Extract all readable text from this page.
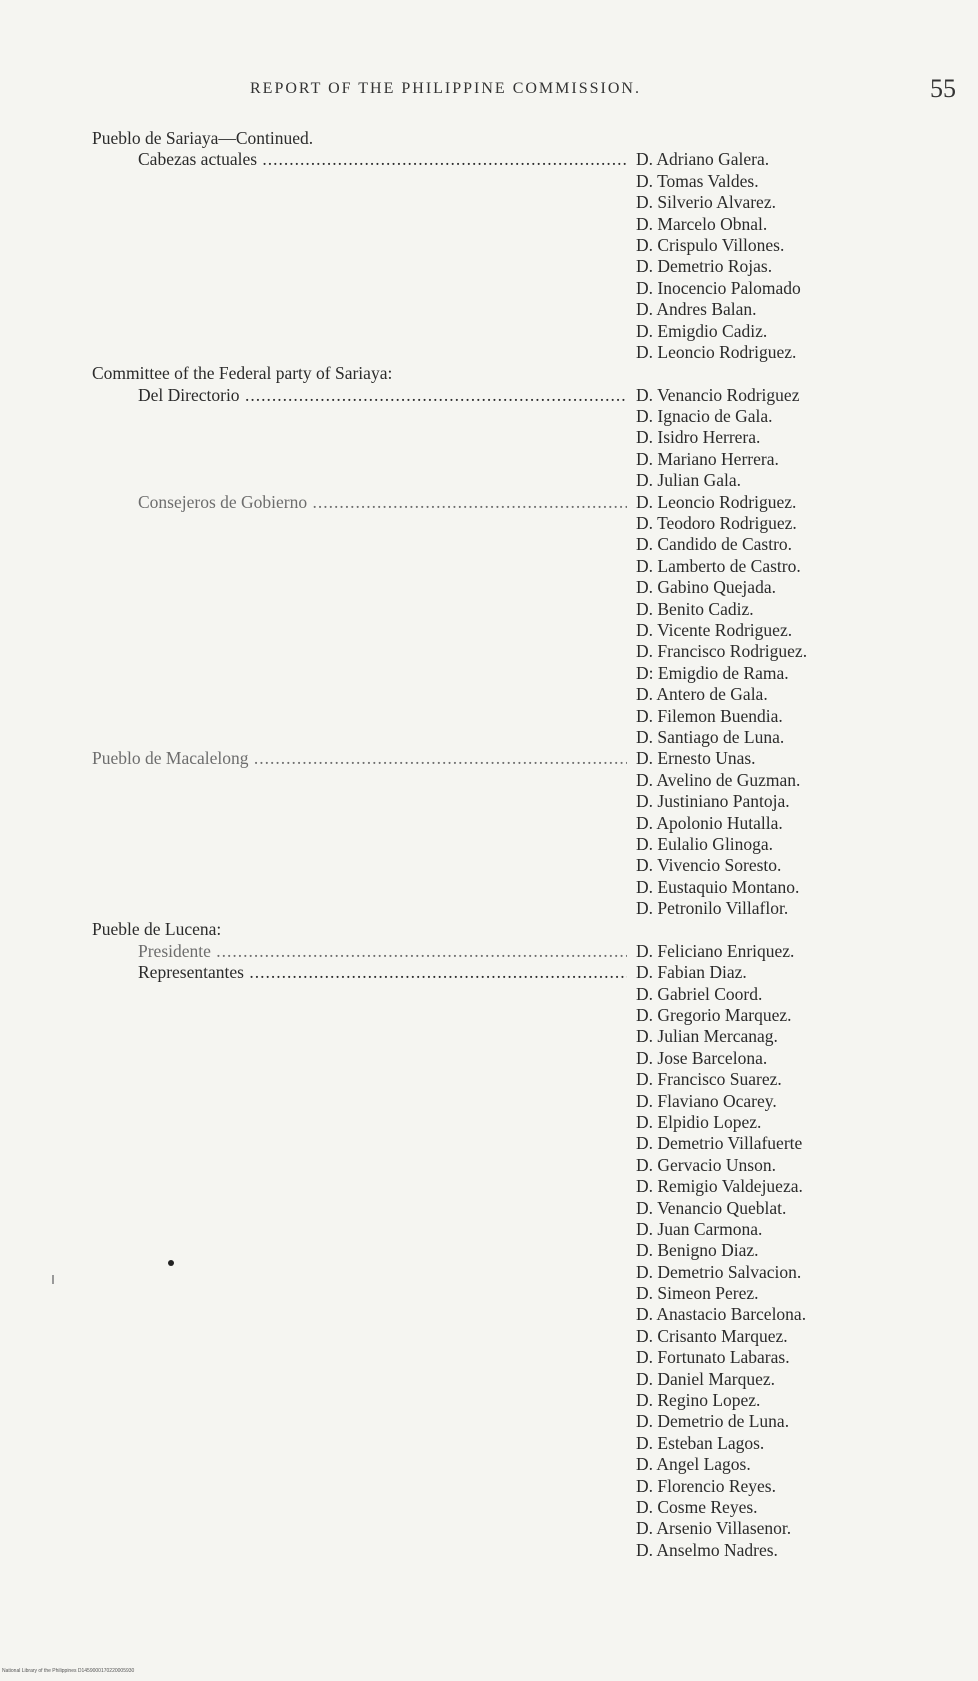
REPORT OF THE PHILIPPINE COMMISSION.	55
Pueblo de Sariaya—Continued.
Cabezas actuales .....	D. Adriano Galera.
D. Tomas Valdes.
D. Silverio Alvarez.
D. Marcelo Obnal.
D. Crispulo Villones.
D. Demetrio Rojas.
D. Inocencio Palomado
D. Andres Balan.
D. Emigdio Cadiz.
D. Leoncio Rodriguez.
Committee of the Federal party of Sariaya:
Del Directorio .....	D. Venancio Rodriguez
D. Ignacio de Gala.
D. Isidro Herrera.
D. Mariano Herrera.
D. Julian Gala.
Consejeros de Gobierno .....	D. Leoncio Rodriguez.
D. Teodoro Rodriguez.
D. Candido de Castro.
D. Lamberto de Castro.
D. Gabino Quejada.
D. Benito Cadiz.
D. Vicente Rodriguez.
D. Francisco Rodriguez.
D: Emigdio de Rama.
D. Antero de Gala.
D. Filemon Buendia.
D. Santiago de Luna.
Pueblo de Macalelong .....	D. Ernesto Unas.
D. Avelino de Guzman.
D. Justiniano Pantoja.
D. Apolonio Hutalla.
D. Eulalio Glinoga.
D. Vivencio Soresto.
D. Eustaquio Montano.
D. Petronilo Villaflor.
Pueble de Lucena:
Presidente .....	D. Feliciano Enriquez.
Representantes .....	D. Fabian Diaz.
D. Gabriel Coord.
D. Gregorio Marquez.
D. Julian Mercanag.
D. Jose Barcelona.
D. Francisco Suarez.
D. Flaviano Ocarey.
D. Elpidio Lopez.
D. Demetrio Villafuerte
D. Gervacio Unson.
D. Remigio Valdejueza.
D. Venancio Queblat.
D. Juan Carmona.
D. Benigno Diaz.
D. Demetrio Salvacion.
D. Simeon Perez.
D. Anastacio Barcelona.
D. Crisanto Marquez.
D. Fortunato Labaras.
D. Daniel Marquez.
D. Regino Lopez.
D. Demetrio de Luna.
D. Esteban Lagos.
D. Angel Lagos.
D. Florencio Reyes.
D. Cosme Reyes.
D. Arsenio Villasenor.
D. Anselmo Nadres.
National Library of the Philippines D1459000170220005930
